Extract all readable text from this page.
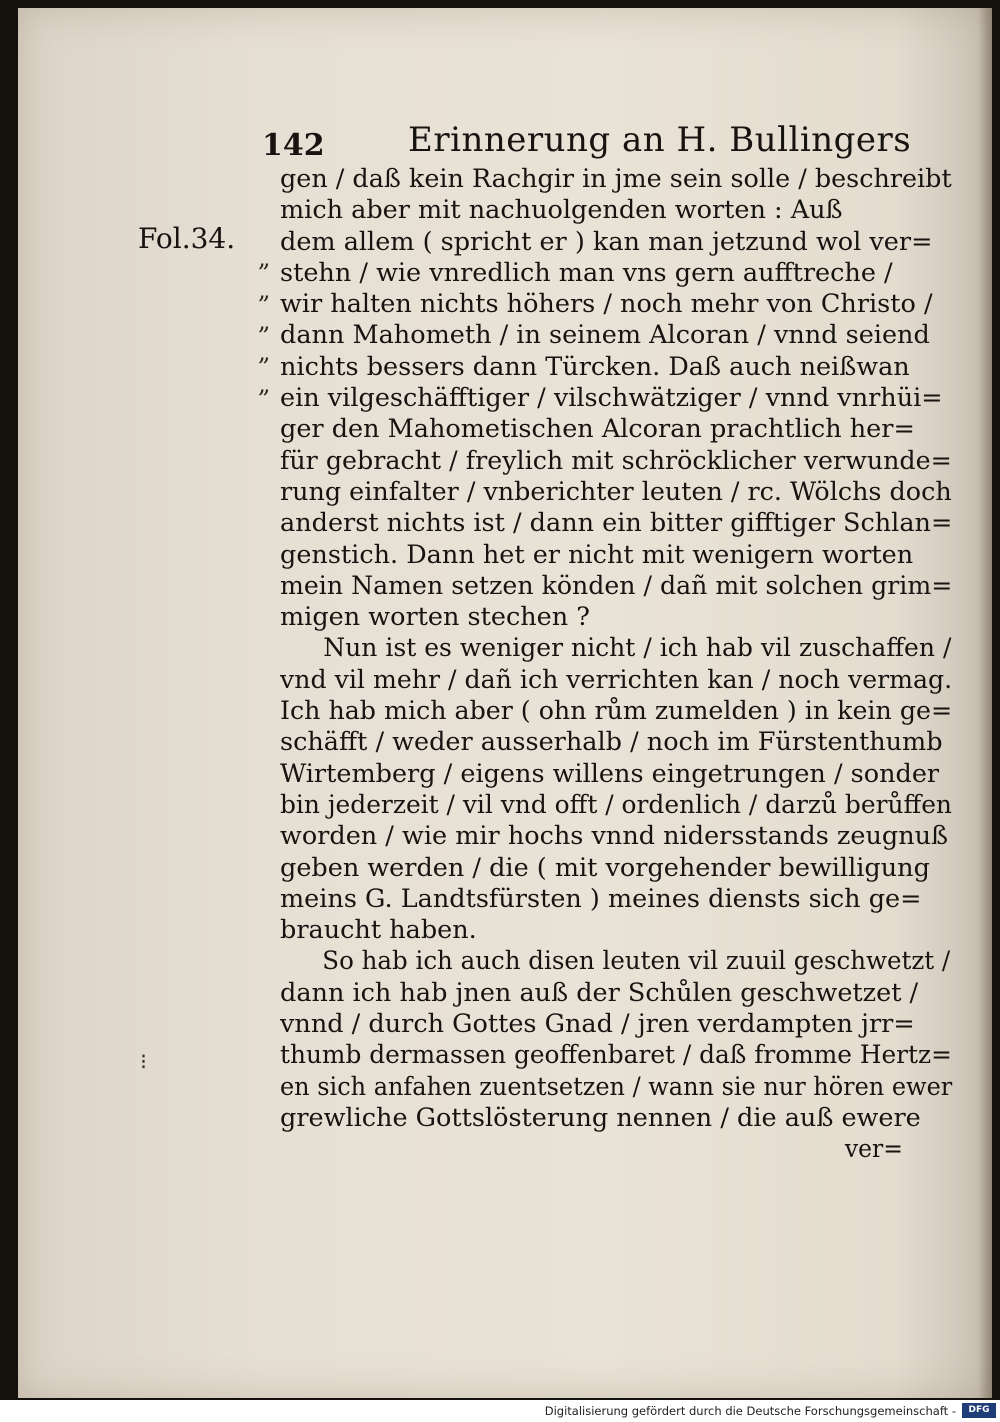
142 Erinnerung an H. Bullingers
Fol.34.
„
„
„
„
„
gen / daß kein Rachgir in jme sein solle / beschreibt
mich aber mit nachuolgenden worten : Auß
dem allem ( spricht er ) kan man jetzund wol ver=
stehn / wie vnredlich man vns gern aufftreche /
wir halten nichts höhers / noch mehr von Christo /
dann Mahometh / in seinem Alcoran / vnnd seiend
nichts bessers dann Türcken. Daß auch neißwan
ein vilgeschäfftiger / vilschwätziger / vnnd vnrhüi=
ger den Mahometischen Alcoran prachtlich her=
für gebracht / freylich mit schröcklicher verwunde=
rung einfalter / vnberichter leuten / rc. Wölchs doch
anderst nichts ist / dann ein bitter gifftiger Schlan=
genstich. Dann het er nicht mit wenigern worten
mein Namen setzen könden / dañ mit solchen grim=
migen worten stechen ?
Nun ist es weniger nicht / ich hab vil zuschaffen /
vnd vil mehr / dañ ich verrichten kan / noch vermag.
Ich hab mich aber ( ohn rům zumelden ) in kein ge=
schäfft / weder ausserhalb / noch im Fürstenthumb
Wirtemberg / eigens willens eingetrungen / sonder
bin jederzeit / vil vnd offt / ordenlich / darzů berůffen
worden / wie mir hochs vnnd nidersstands zeugnuß
geben werden / die ( mit vorgehender bewilligung
meins G. Landtsfürsten ) meines diensts sich ge=
braucht haben.
So hab ich auch disen leuten vil zuuil geschwetzt /
dann ich hab jnen auß der Schůlen geschwetzet /
vnnd / durch Gottes Gnad / jren verdampten jrr=
thumb dermassen geoffenbaret / daß fromme Hertz=
en sich anfahen zuentsetzen / wann sie nur hören ewer
grewliche Gottslösterung nennen / die auß ewere
ver=
⁝
Digitalisierung gefördert durch die Deutsche Forschungsgemeinschaft -	DFG
